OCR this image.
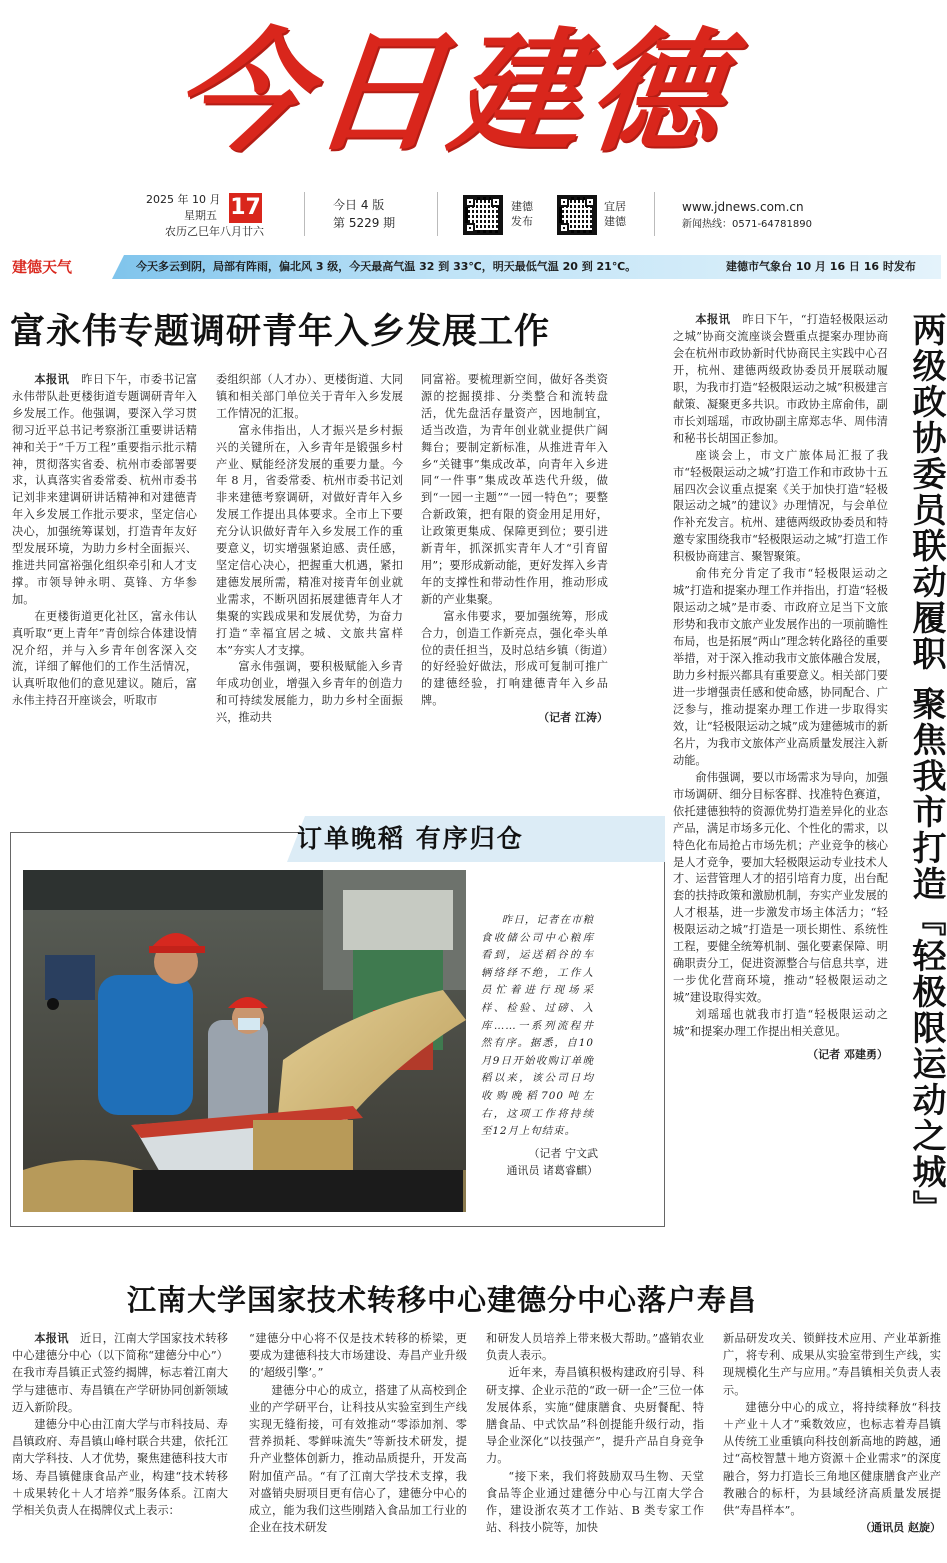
今日建德
2025 年 10 月 17
星期五
农历乙巳年八月廿六
今日 4 版
第 5229 期
建德
发布
宜居
建德
www.jdnews.com.cn
新闻热线：0571-64781890
建德天气	今天多云到阴，局部有阵雨，偏北风 3 级，今天最高气温 32 到 33℃，明天最低气温 20 到 21℃。	建德市气象台 10 月 16 日 16 时发布
富永伟专题调研青年入乡发展工作

本报讯 昨日下午，市委书记富永伟带队赴更楼街道专题调研青年入乡发展工作。他强调，要深入学习贯彻习近平总书记考察浙江重要讲话精神和关于“千万工程”重要指示批示精神，贯彻落实省委、杭州市委部署要求，认真落实省委常委、杭州市委书记刘非来建调研讲话精神和对建德青年入乡发展工作批示要求，坚定信心决心，加强统筹谋划，打造青年友好型发展环境，为助力乡村全面振兴、推进共同富裕强化组织牵引和人才支撑。市领导钟永明、莫锋、方华参加。

在更楼街道更化社区，富永伟认真听取“更上青年”青创综合体建设情况介绍，并与入乡青年创客深入交流，详细了解他们的工作生活情况，认真听取他们的意见建议。随后，富永伟主持召开座谈会，听取市

委组织部（人才办）、更楼街道、大同镇和相关部门单位关于青年入乡发展工作情况的汇报。

富永伟指出，人才振兴是乡村振兴的关键所在，入乡青年是锻强乡村产业、赋能经济发展的重要力量。今年 8 月，省委常委、杭州市委书记刘非来建德考察调研，对做好青年入乡发展工作提出具体要求。全市上下要充分认识做好青年入乡发展工作的重要意义，切实增强紧迫感、责任感，坚定信心决心，把握重大机遇，紧扣建德发展所需，精准对接青年创业就业需求，不断巩固拓展建德青年人才集聚的实践成果和发展优势，为奋力打造“幸福宜居之城、文旅共富样本”夯实人才支撑。

富永伟强调，要积极赋能入乡青年成功创业，增强入乡青年的创造力和可持续发展能力，助力乡村全面振兴，推动共

同富裕。要梳理新空间，做好各类资源的挖掘摸排、分类整合和流转盘活，优先盘活存量资产，因地制宜，适当改造，为青年创业就业提供广阔舞台；要制定新标准，从推进青年入乡“关键事”集成改革，向青年入乡进同“一件事”集成改革迭代升级，做到“一园一主题”“一园一特色”；要整合新政策，把有限的资金用足用好，让政策更集成、保障更到位；要引进新青年，抓深抓实青年人才“引育留用”；要形成新动能，更好发挥入乡青年的支撑性和带动性作用，推动形成新的产业集聚。

富永伟要求，要加强统筹，形成合力，创造工作新亮点，强化牵头单位的责任担当，及时总结乡镇（街道）的好经验好做法，形成可复制可推广的建德经验，打响建德青年入乡品牌。

（记者 江涛）
订单晚稻 有序归仓

昨日，记者在市粮食收储公司中心粮库看到，运送稻谷的车辆络绎不绝，工作人员忙着进行现场采样、检验、过磅、入库……一系列流程井然有序。据悉，自10月9日开始收购订单晚稻以来，该公司日均收购晚稻700吨左右，这项工作将持续至12月上旬结束。

（记者 宁文武
通讯员 诸葛睿麒）

本报讯 昨日下午，“打造轻极限运动之城”协商交流座谈会暨重点提案办理协商会在杭州市政协新时代协商民主实践中心召开，杭州、建德两级政协委员开展联动履职，为我市打造“轻极限运动之城”积极建言献策、凝聚更多共识。市政协主席俞伟，副市长刘瑶瑶，市政协副主席郑志华、周伟清和秘书长胡国正参加。

座谈会上，市文广旅体局汇报了我市“轻极限运动之城”打造工作和市政协十五届四次会议重点提案《关于加快打造“轻极限运动之城”的建议》办理情况，与会单位作补充发言。杭州、建德两级政协委员和特邀专家围绕我市“轻极限运动之城”打造工作积极协商建言、聚智聚策。

俞伟充分肯定了我市“轻极限运动之城”打造和提案办理工作并指出，打造“轻极限运动之城”是市委、市政府立足当下文旅形势和我市文旅产业发展作出的一项前瞻性布局，也是拓展“两山”理念转化路径的重要举措，对于深入推动我市文旅体融合发展，助力乡村振兴都具有重要意义。相关部门要进一步增强责任感和使命感，协同配合、广泛参与，推动提案办理工作进一步取得实效，让“轻极限运动之城”成为建德城市的新名片，为我市文旅体产业高质量发展注入新动能。

俞伟强调，要以市场需求为导向，加强市场调研、细分目标客群、找准特色赛道，依托建德独特的资源优势打造差异化的业态产品，满足市场多元化、个性化的需求，以特色化布局抢占市场先机；产业竞争的核心是人才竞争，要加大轻极限运动专业技术人才、运营管理人才的招引培育力度，出台配套的扶持政策和激励机制，夯实产业发展的人才根基，进一步激发市场主体活力；“轻极限运动之城”打造是一项长期性、系统性工程，要健全统筹机制、强化要素保障、明确职责分工，促进资源整合与信息共享，进一步优化营商环境，推动“轻极限运动之城”建设取得实效。

刘瑶瑶也就我市打造“轻极限运动之城”和提案办理工作提出相关意见。

（记者 邓建勇） 两级政协委员联动履职 聚焦我市打造『轻极限运动之城』
江南大学国家技术转移中心建德分中心落户寿昌

本报讯 近日，江南大学国家技术转移中心建德分中心（以下简称“建德分中心”）在我市寿昌镇正式签约揭牌，标志着江南大学与建德市、寿昌镇在产学研协同创新领域迈入新阶段。

建德分中心由江南大学与市科技局、寿昌镇政府、寿昌镇山峰村联合共建，依托江南大学科技、人才优势，聚焦建德科技大市场、寿昌镇健康食品产业，构建“技术转移＋成果转化＋人才培养”服务体系。江南大学相关负责人在揭牌仪式上表示：

“建德分中心将不仅是技术转移的桥梁，更要成为建德科技大市场建设、寿昌产业升级的‘超级引擎’。”

建德分中心的成立，搭建了从高校到企业的产学研平台，让科技从实验室到生产线实现无缝衔接，可有效推动“零添加剂、零营养损耗、零鲜味流失”等新技术研发，提升产业整体创新力，推动品质提升，开发高附加值产品。“有了江南大学技术支撑，我对盛销央厨项目更有信心了，建德分中心的成立，能为我们这些刚踏入食品加工行业的企业在技术研发

和研发人员培养上带来极大帮助。”盛销农业负责人表示。

近年来，寿昌镇积极构建政府引导、科研支撑、企业示范的“政一研一企”三位一体发展体系，实施“健康膳食、央厨餐配、特膳食品、中式饮品”科创提能升级行动，指导企业深化“以技强产”，提升产品自身竞争力。

“接下来，我们将鼓励双马生物、天堂食品等企业通过建德分中心与江南大学合作，建设浙农英才工作站、B 类专家工作站、科技小院等，加快

新品研发攻关、锁鲜技术应用、产业革新推广，将专利、成果从实验室带到生产线，实现规模化生产与应用。”寿昌镇相关负责人表示。

建德分中心的成立，将持续释放“科技＋产业＋人才”乘数效应，也标志着寿昌镇从传统工业重镇向科技创新高地的跨越，通过“高校智慧＋地方资源＋企业需求”的深度融合，努力打造长三角地区健康膳食产业产教融合的标杆，为县域经济高质量发展提供“寿昌样本”。

（通讯员 赵旋）
